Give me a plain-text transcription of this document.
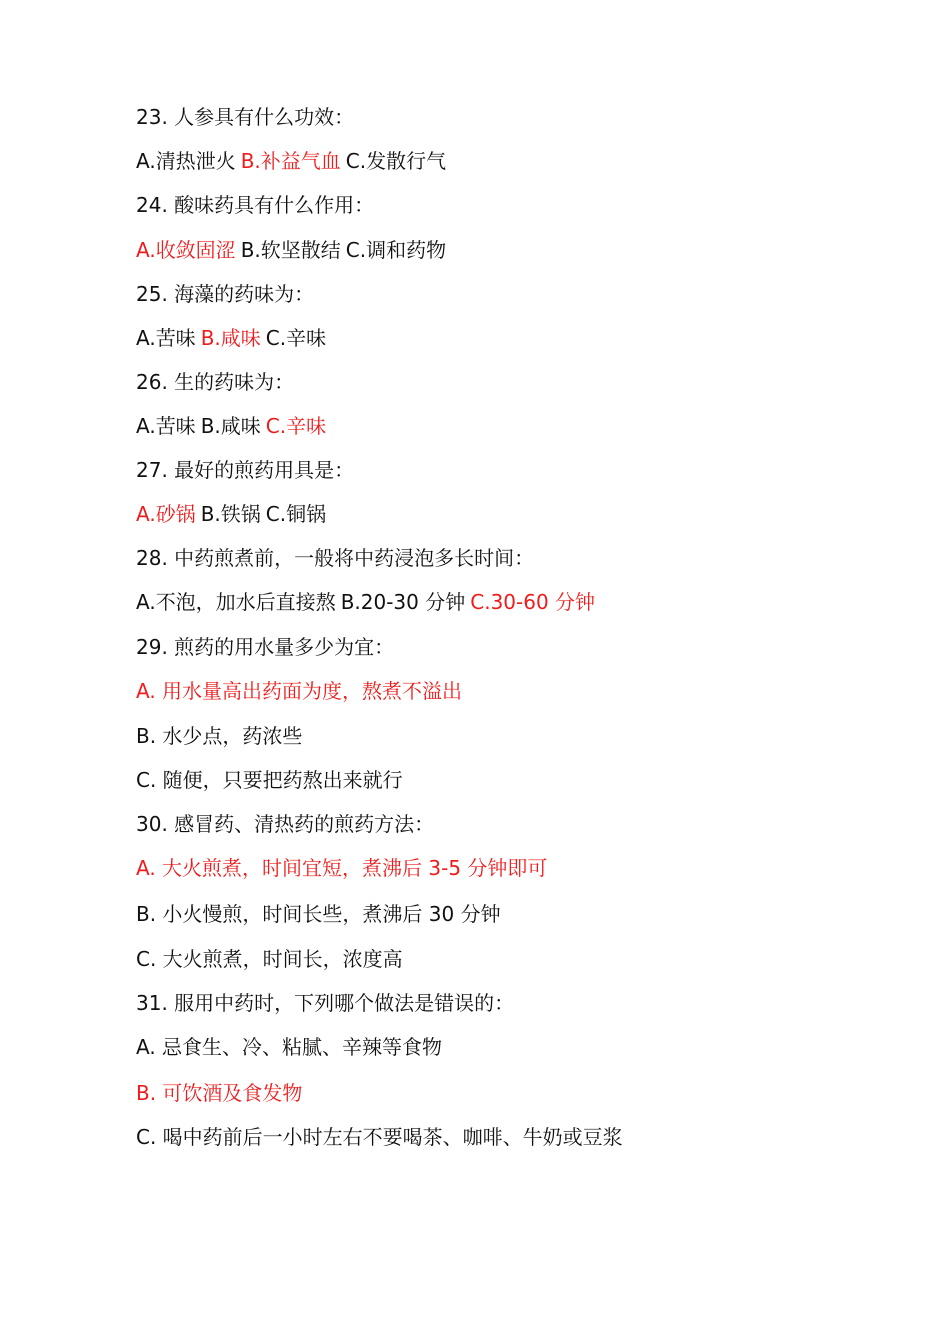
23. 人参具有什么功效：
A.清热泄火 B.补益气血 C.发散行气
24. 酸味药具有什么作用：
A.收敛固涩 B.软坚散结 C.调和药物
25. 海藻的药味为：
A.苦味 B.咸味 C.辛味
26. 生的药味为：
A.苦味 B.咸味 C.辛味
27. 最好的煎药用具是：
A.砂锅 B.铁锅 C.铜锅
28. 中药煎煮前，一般将中药浸泡多长时间：
A.不泡，加水后直接熬 B.20-30 分钟 C.30-60 分钟
29. 煎药的用水量多少为宜：
A. 用水量高出药面为度，熬煮不溢出
B. 水少点，药浓些
C. 随便，只要把药熬出来就行
30. 感冒药、清热药的煎药方法：
A. 大火煎煮，时间宜短，煮沸后 3-5 分钟即可
B. 小火慢煎，时间长些，煮沸后 30 分钟
C. 大火煎煮，时间长，浓度高
31. 服用中药时，下列哪个做法是错误的：
A. 忌食生、冷、粘腻、辛辣等食物
B. 可饮酒及食发物
C. 喝中药前后一小时左右不要喝茶、咖啡、牛奶或豆浆
